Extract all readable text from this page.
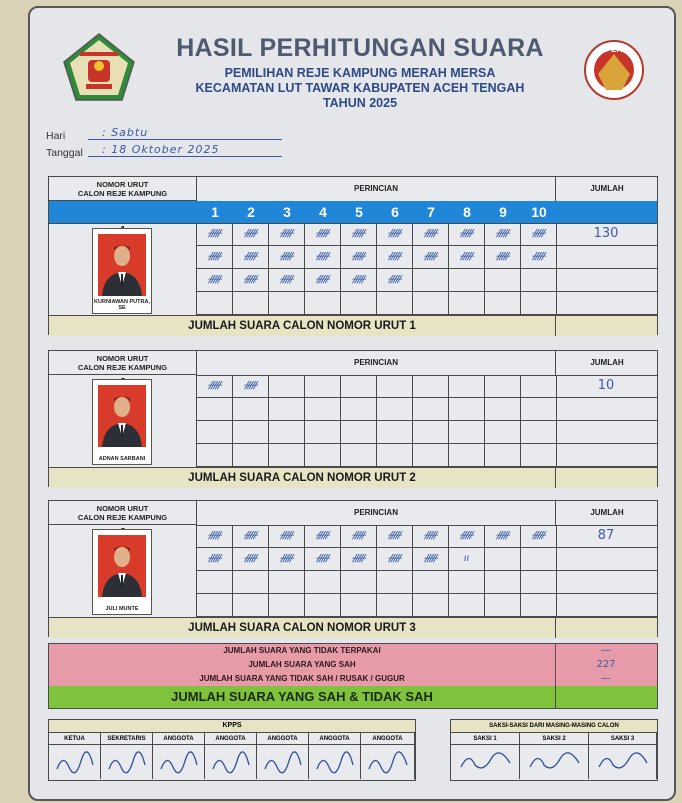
P2R
HASIL PERHITUNGAN SUARA
PEMILIHAN REJE KAMPUNG MERAH MERSA
KECAMATAN LUT TAWAR KABUPATEN ACEH TENGAH
TAHUN 2025
Hari	: Sabtu
Tanggal	: 18 Oktober 2025
NOMOR URUT
CALON REJE KAMPUNG
PERINCIAN	JUMLAH
1	2	3	4	5	6	7	8	9	10
KURNIAWAN PUTRA, SE
ᚏ	ᚏ	ᚏ	ᚏ	ᚏ	ᚏ	ᚏ	ᚏ	ᚏ	ᚏ	130
ᚏ	ᚏ	ᚏ	ᚏ	ᚏ	ᚏ	ᚏ	ᚏ	ᚏ	ᚏ
ᚏ	ᚏ	ᚏ	ᚏ	ᚏ	ᚏ
JUMLAH SUARA CALON NOMOR URUT 1
NOMOR URUT
CALON REJE KAMPUNG
PERINCIAN	JUMLAH
ADNAN SARBANI
ᚏ	ᚏ	10
JUMLAH SUARA CALON NOMOR URUT 2
NOMOR URUT
CALON REJE KAMPUNG
PERINCIAN	JUMLAH
JULI MUNTE
ᚏ	ᚏ	ᚏ	ᚏ	ᚏ	ᚏ	ᚏ	ᚏ	ᚏ	ᚏ	87
ᚏ	ᚏ	ᚏ	ᚏ	ᚏ	ᚏ	ᚏ	ıı
JUMLAH SUARA CALON NOMOR URUT 3
JUMLAH SUARA YANG TIDAK TERPAKAI	—
JUMLAH SUARA YANG SAH	227
JUMLAH SUARA YANG TIDAK SAH / RUSAK / GUGUR	—
JUMLAH SUARA YANG SAH & TIDAK SAH
KPPS
KETUA	SEKRETARIS	ANGGOTA	ANGGOTA	ANGGOTA	ANGGOTA	ANGGOTA
SAKSI-SAKSI DARI MASING-MASING CALON
SAKSI 1	SAKSI 2	SAKSI 3
